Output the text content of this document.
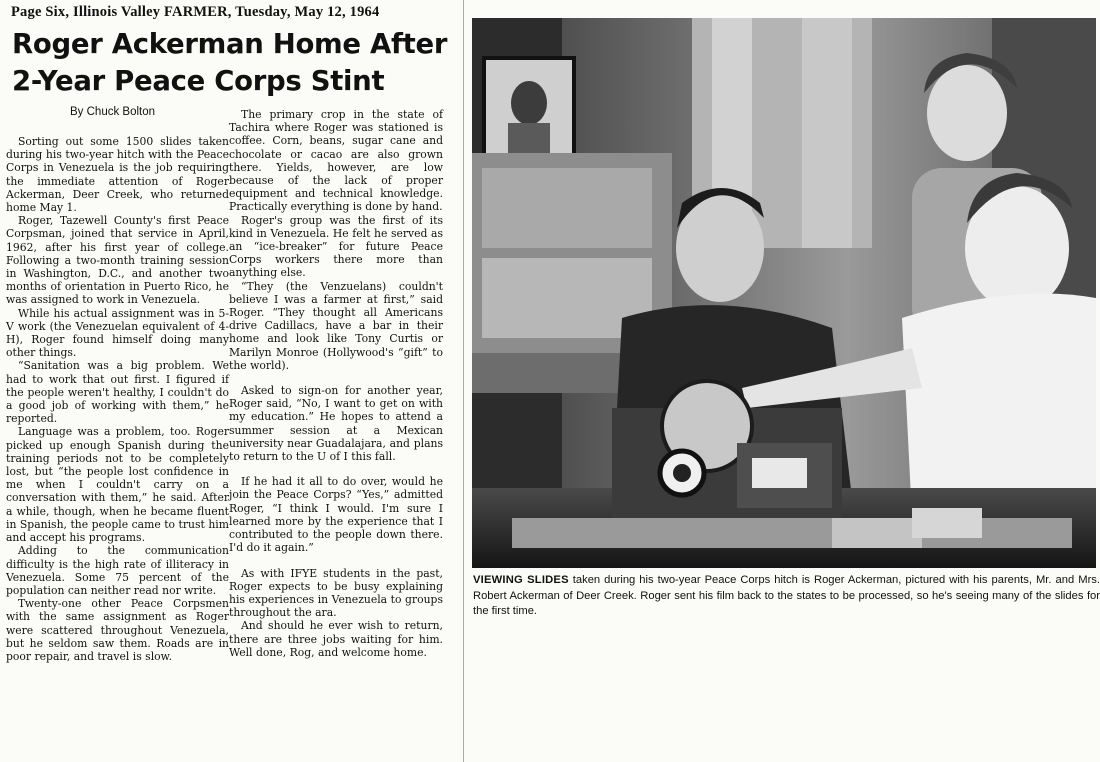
Page Six, Illinois Valley FARMER, Tuesday, May 12, 1964
Roger Ackerman Home After
2-Year Peace Corps Stint
By Chuck Bolton

Sorting out some 1500 slides taken during his two-year hitch with the Peace Corps in Venezuela is the job requiring the immediate attention of Roger Ackerman, Deer Creek, who returned home May 1.

Roger, Tazewell County's first Peace Corpsman, joined that service in April, 1962, after his first year of college. Following a two-month training session in Washington, D.C., and another two months of orientation in Puerto Rico, he was assigned to work in Venezuela.

While his actual assignment was in 5-V work (the Venezuelan equivalent of 4-H), Roger found himself doing many other things.

“Sanitation was a big problem. We had to work that out first. I figured if the people weren't healthy, I couldn't do a good job of working with them,” he reported.

Language was a problem, too. Roger picked up enough Spanish during the training periods not to be completely lost, but “the people lost confidence in me when I couldn't carry on a conversation with them,” he said. After a while, though, when he became fluent in Spanish, the people came to trust him and accept his programs.

Adding to the communication difficulty is the high rate of illiteracy in Venezuela. Some 75 percent of the population can neither read nor write.

Twenty-one other Peace Corpsmen with the same assignment as Roger were scattered throughout Venezuela, but he seldom saw them. Roads are in poor repair, and travel is slow.

The primary crop in the state of Tachira where Roger was stationed is coffee. Corn, beans, sugar cane and chocolate or cacao are also grown there. Yields, however, are low because of the lack of proper equipment and technical knowledge. Practically everything is done by hand.

Roger's group was the first of its kind in Venezuela. He felt he served as an “ice-breaker” for future Peace Corps workers there more than anything else.

“They (the Venzuelans) couldn't believe I was a farmer at first,” said Roger. “They thought all Americans drive Cadillacs, have a bar in their home and look like Tony Curtis or Marilyn Monroe (Hollywood's “gift” to the world).

Asked to sign-on for another year, Roger said, “No, I want to get on with my education.” He hopes to attend a summer session at a Mexican university near Guadalajara, and plans to return to the U of I this fall.

If he had it all to do over, would he join the Peace Corps? “Yes,” admitted Roger, “I think I would. I'm sure I learned more by the experience that I contributed to the people down there. I'd do it again.”

As with IFYE students in the past, Roger expects to be busy explaining his experiences in Venezuela to groups throughout the ara.

And should he ever wish to return, there are three jobs waiting for him. Well done, Rog, and welcome home.

VIEWING SLIDES taken during his two-year Peace Corps hitch is Roger Ackerman, pictured with his parents, Mr. and Mrs. Robert Ackerman of Deer Creek. Roger sent his film back to the states to be processed, so he's seeing many of the slides for the first time.
